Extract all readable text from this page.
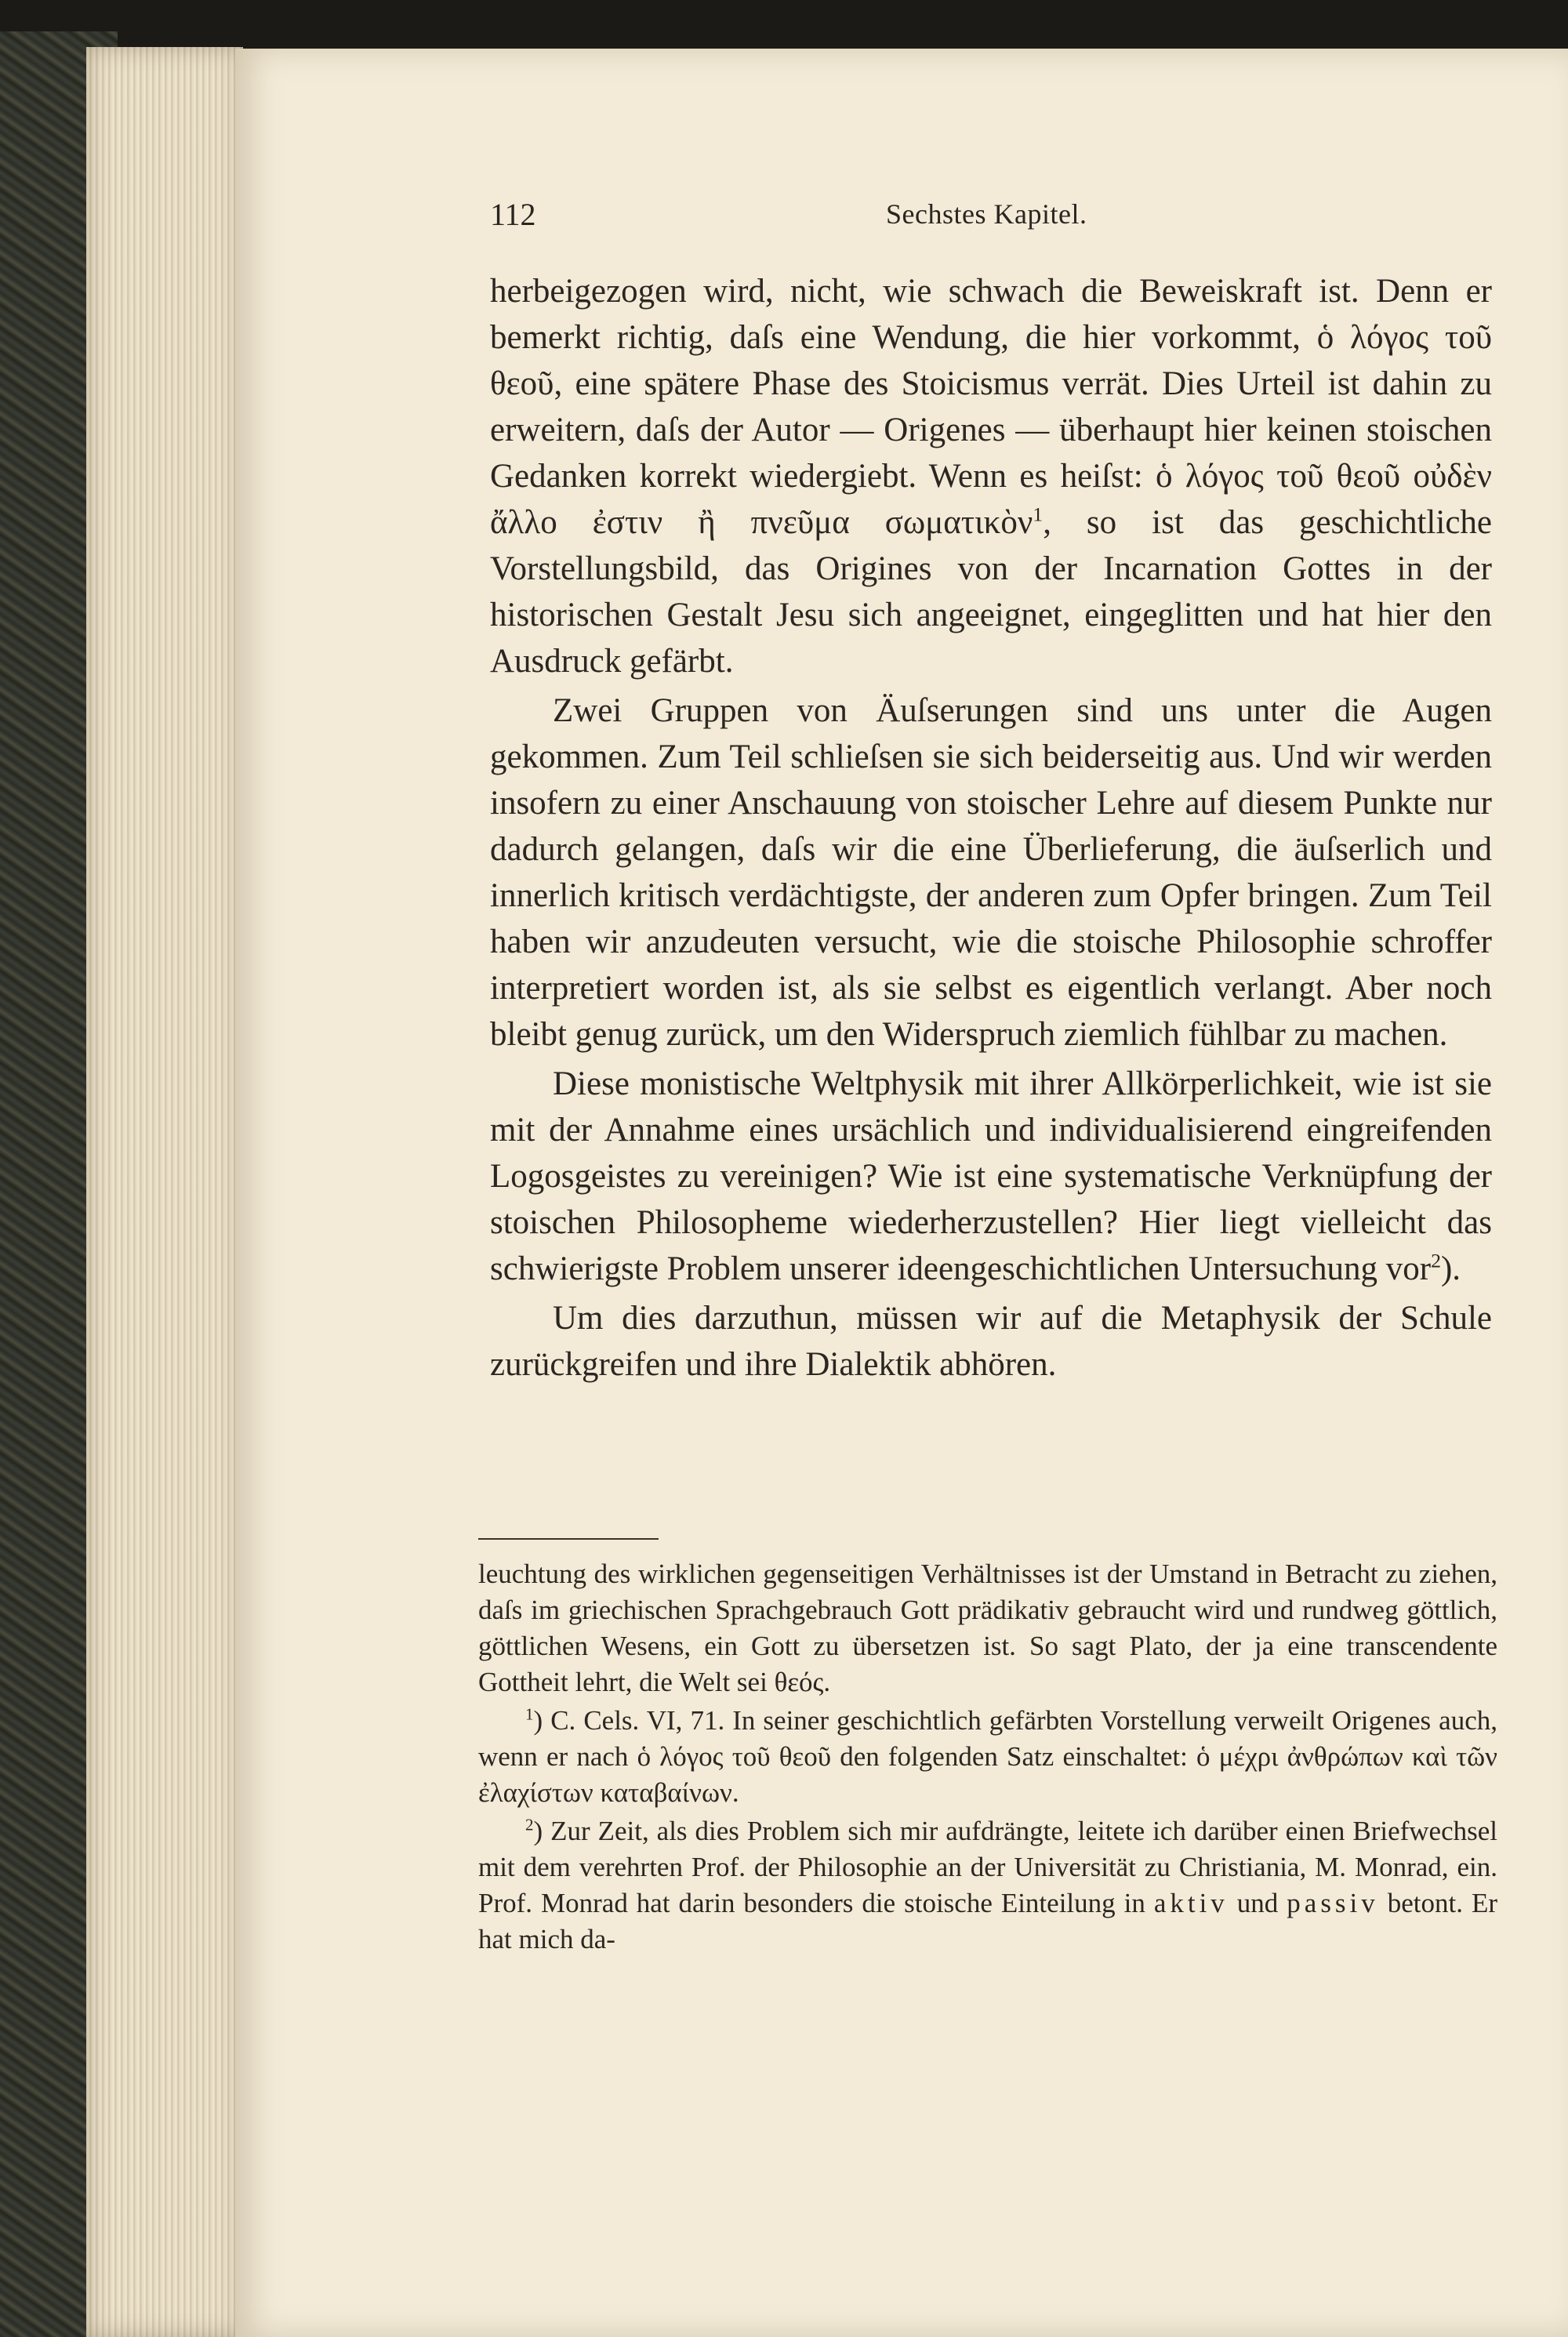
112	Sechstes Kapitel.

herbeigezogen wird, nicht, wie schwach die Beweiskraft ist. Denn er bemerkt richtig, daſs eine Wendung, die hier vorkommt, ὁ λόγος τοῦ θεοῦ, eine spätere Phase des Stoicismus verrät. Dies Urteil ist dahin zu erweitern, daſs der Autor — Origenes — überhaupt hier keinen stoischen Gedanken korrekt wiedergiebt. Wenn es heiſst: ὁ λόγος τοῦ θεοῦ οὐδὲν ἄλλο ἐστιν ἢ πνεῦμα σωματικὸν$^1$, so ist das geschichtliche Vorstellungsbild, das Origines von der Incarnation Gottes in der historischen Gestalt Jesu sich angeeignet, eingeglitten und hat hier den Ausdruck gefärbt.

Zwei Gruppen von Äuſserungen sind uns unter die Augen gekommen. Zum Teil schlieſsen sie sich beiderseitig aus. Und wir werden insofern zu einer Anschauung von stoischer Lehre auf diesem Punkte nur dadurch gelangen, daſs wir die eine Überlieferung, die äuſserlich und innerlich kritisch verdächtigste, der anderen zum Opfer bringen. Zum Teil haben wir anzudeuten versucht, wie die stoische Philosophie schroffer interpretiert worden ist, als sie selbst es eigentlich verlangt. Aber noch bleibt genug zurück, um den Widerspruch ziemlich fühlbar zu machen.

Diese monistische Weltphysik mit ihrer Allkörperlichkeit, wie ist sie mit der Annahme eines ursächlich und individualisierend eingreifenden Logosgeistes zu vereinigen? Wie ist eine systematische Verknüpfung der stoischen Philosopheme wiederherzustellen? Hier liegt vielleicht das schwierigste Problem unserer ideengeschichtlichen Untersuchung vor$^2$).

Um dies darzuthun, müssen wir auf die Metaphysik der Schule zurückgreifen und ihre Dialektik abhören.

leuchtung des wirklichen gegenseitigen Verhältnisses ist der Umstand in Betracht zu ziehen, daſs im griechischen Sprachgebrauch Gott prädikativ gebraucht wird und rundweg göttlich, göttlichen Wesens, ein Gott zu übersetzen ist. So sagt Plato, der ja eine transcendente Gottheit lehrt, die Welt sei θεός.

$^1$) C. Cels. VI, 71. In seiner geschichtlich gefärbten Vorstellung verweilt Origenes auch, wenn er nach ὁ λόγος τοῦ θεοῦ den folgenden Satz einschaltet: ὁ μέχρι ἀνθρώπων καὶ τῶν ἐλαχίστων καταβαίνων.

$^2$) Zur Zeit, als dies Problem sich mir aufdrängte, leitete ich darüber einen Briefwechsel mit dem verehrten Prof. der Philosophie an der Universität zu Christiania, M. Monrad, ein. Prof. Monrad hat darin besonders die stoische Einteilung in aktiv und passiv betont. Er hat mich da-
